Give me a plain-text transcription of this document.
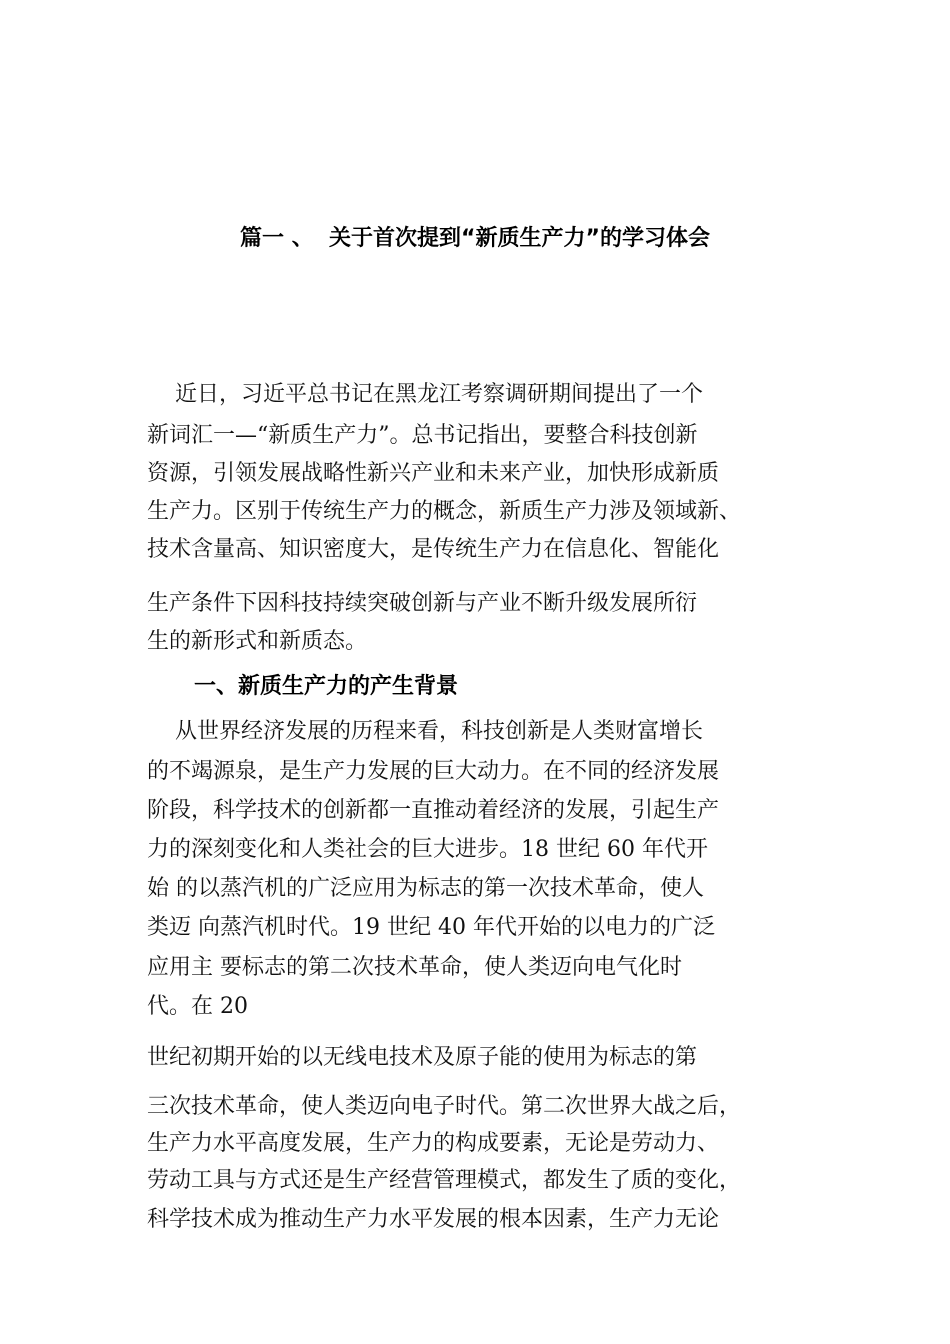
篇一 、  关于首次提到“新质生产力”的学习体会
近日，习近平总书记在黑龙江考察调研期间提出了一个
新词汇一—“新质生产力”。总书记指出，要整合科技创新
资源，引领发展战略性新兴产业和未来产业，加快形成新质
生产力。区别于传统生产力的概念，新质生产力涉及领域新、
技术含量高、知识密度大，是传统生产力在信息化、智能化
生产条件下因科技持续突破创新与产业不断升级发展所衍
生的新形式和新质态。
一、新质生产力的产生背景
从世界经济发展的历程来看，科技创新是人类财富增长
的不竭源泉，是生产力发展的巨大动力。在不同的经济发展
阶段，科学技术的创新都一直推动着经济的发展，引起生产
力的深刻变化和人类社会的巨大进步。18 世纪 60 年代开
始 的以蒸汽机的广泛应用为标志的第一次技术革命，使人
类迈 向蒸汽机时代。19 世纪 40 年代开始的以电力的广泛
应用主 要标志的第二次技术革命，使人类迈向电气化时
代。在 20
世纪初期开始的以无线电技术及原子能的使用为标志的第
三次技术革命，使人类迈向电子时代。第二次世界大战之后，
生产力水平高度发展，生产力的构成要素，无论是劳动力、
劳动工具与方式还是生产经营管理模式，都发生了质的变化，
科学技术成为推动生产力水平发展的根本因素，生产力无论
